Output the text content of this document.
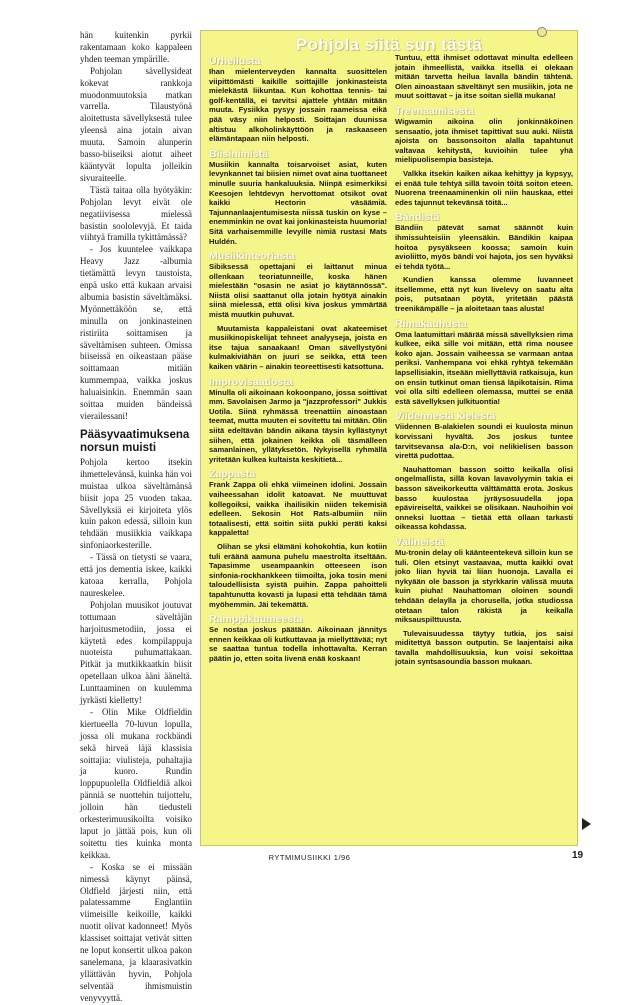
hän kuitenkin pyrkii rakentamaan koko kappaleen yhden teeman ympärille.

Pohjolan sävellysideat kokevat rankkoja muodonmuutoksia matkan varrella. Tilaustyönä aloitettusta sävellyksestä tulee yleensä aina jotain aivan muuta. Samoin alunperin basso-biiseiksi aiotut aiheet kääntyvät lopulta jolleikin sivuraiteelle.

Tästä taitaa olla hyötyäkin: Pohjolan levyt eivät ole negatiivisessa mielessä basistin soololevyjä. Et taida viihtyä framilla tykittämässä?

- Jos kuuntelee vaikkapa Heavy Jazz -albumia tietämättä levyn taustoista, enpä usko että kukaan arvaisi albumia basistin säveltämäksi. Myönnettäköön se, että minulla on jonkinasteinen ristiriita soittamisen ja säveltämisen suhteen. Omissa biiseissä en oikeastaan pääse soittamaan mitään kummempaa, vaikka joskus haluaisinkin. Enemmän saan soittaa muiden bändeissä vierailessani!

Pääsyvaatimuksena norsun muisti

Pohjola kertoo itsekin ihmettelevänsä, kuinka hän voi muistaa ulkoa säveltämänsä biisit jopa 25 vuoden takaa. Sävellyksiä ei kirjoiteta ylös kuin pakon edessä, silloin kun tehdään musiikkia vaikkapa sinfoniaorkesterille.

- Tässä on tietysti se vaara, että jos dementia iskee, kaikki katoaa kerralla, Pohjola naureskelee.

Pohjolan muusikot joutuvat tottumaan säveltäjän harjoitusmetodiin, jossa ei käytetä edes kompilappuja nuoteista puhumattakaan. Pitkät ja mutkikkaatkin biisit opetellaan ulkoa ääni ääneltä. Lunttaaminen on kuulemma jyrkästi kielletty!

- Olin Mike Oldfieldin kiertueella 70-luvun lopulla, jossa oli mukana rockbändi sekä hirveä läjä klassisia soittajia: viulisteja, puhaltajia ja kuoro. Rundin loppupuolella Oldfieldiä alkoi pänniä se nuottehin tuijottelu, jolloin hän tiedusteli orkesterimuusikoilta voisiko laput jo jättää pois, kun oli soitettu ties kuinka monta keikkaa.

- Koska se ei missään nimessä käynyt päinsä, Oldfield järjesti niin, että palatessamme Englantiin viimeisille keikoille, kaikki nuotit olivat kadonneet! Myös klassiset soittajat vetivät sitten ne loput konsertit ulkoa pakon sanelemana, ja klaarasivatkin yllättävän hyvin, Pohjola selventää ihmismuistin venyvyyttä.

Pohjola siitä sun tästä
Urheilusta

Ihan mielenterveyden kannalta suosittelen viipittömästi kaikille soittajille jonkinasteista mielekästä liikuntaa. Kun kohottaa tennis- tai golf-kentällä, ei tarvitsi ajattele yhtään mitään muuta. Fysiikka pysyy jossain raameissa eikä pää väsy niin helposti. Soittajan duunissa altistuu alkoholinkäyttöön ja raskaaseen elämäntapaan niin helposti.

Biisinimistä

Musiikin kannalta toisarvoiset asiat, kuten levynkannet tai biisien nimet ovat aina tuottaneet minulle suuria hankaluuksia. Niinpä esimerkiksi Keesojen lehtdevyn hervottomat otsikot ovat kaikki Hectorin väsäämiä. Tajunnanlaajentumisesta niissä tuskin on kyse – enemminkin ne ovat kai jonkinasteista huumoria! Sitä varhaisemmille levyille nimiä rustasi Mats Huldén.

Musiikinteoriasta

Sibiksessä opettajani ei laittanut minua ollenkaan teoriatunneille, koska hänen mielestään "osasin ne asiat jo käytännössä". Niistä olisi saattanut olla jotain hyötyä ainakin siinä mielessä, että olisi kiva joskus ymmärtää mistä muutkin puhuvat.

Muutamista kappaleistani ovat akateemiset musiikinopiskelijat tehneet analyyseja, joista en itse tajua sanaakaan! Oman sävellystyöni kulmakiviähän on juuri se seikka, että teen kaiken väärin – ainakin teoreettisesti katsottuna.

Improvisaatiosta

Minulla oli aikoinaan kokoonpano, jossa soittivat mm. Savolaisen Jarmo ja "jazzprofessori" Jukkis Uotila. Siinä ryhmässä treenattiin ainoastaan teemat, mutta muuten ei sovitettu tai mitään. Olin siitä edeltävän bändin aikana täysin kyllästynyt siihen, että jokainen keikka oli täsmälleen samanlainen, yllätyksetön. Nykyisellä ryhmällä yritetään kulkea kultaista keskitietä...

Zappasta

Frank Zappa oli ehkä viimeinen idolini. Jossain vaiheessahan idolit katoavat. Ne muuttuvat kollegoiksi, vaikka ihailisikin niiden tekemisiä edelleen. Sekosin Hot Rats-albumiin niin totaalisesti, että soitin siitä pukki peräti kaksi kappaletta!

Olihan se yksi elämäni kohokohtia, kun kotiin tuli eräänä aamuna puhelu maestrolta itseltään. Tapasimme useampaankin otteeseen ison sinfonia-rockhankkeen tiimoilta, joka tosin meni taloudellisista syistä puihin. Zappa pahoitteli tapahtunutta kovasti ja lupasi että tehdään tämä myöhemmin. Jäi tekemättä.

Ramppikuumeesta

Se nostaa joskus päätään. Aikoinaan jännitys ennen keikkaa oli kutkuttavaa ja miellyttävää; nyt se saattaa tuntua todella inhottavalta. Kerran päätin jo, etten soita livenä enää koskaan!

Tuntuu, että ihmiset odottavat minulta edelleen jotain ihmeellistä, vaikka itsellä ei olekaan mitään tarvetta heilua lavalla bändin tähtenä. Olen ainoastaan säveltänyt sen musiikin, jota ne muut soittavat – ja itse soitan siellä mukana!

Treenaamisesta

Wigwamin aikoina olin jonkinnäköinen sensaatio, jota ihmiset tapittivat suu auki. Niistä ajoista on bassonsoiton alalla tapahtunut valtavaa kehitystä, kuvioihin tulee yhä mielipuolisempia basisteja.

Valkka itsekin kaiken aikaa kehittyy ja kypsyy, ei enää tule tehtyä sillä tavoin töitä soiton eteen. Nuorena treenaaminenkin oli niin hauskaa, ettei edes tajunnut tekevänsä töitä...

Bändistä

Bändiin pätevät samat säännöt kuin ihmissuhteisiin yleensäkin. Bändikin kaipaa hoitoa pysyäkseen koossa; samoin kuin avioliitto, myös bändi voi hajota, jos sen hyväksi ei tehdä työtä...

Kundien kanssa olemme luvanneet itsellemme, että nyt kun livelevy on saatu alta pois, putsataan pöytä, yritetään päästä treenikämpälle – ja aloitetaan taas alusta!

Rimakauhusta

Oma laatumittari määrää missä sävellyksien rima kulkee, eikä sille voi mitään, että rima nousee koko ajan. Jossain vaiheessa se varmaan antaa periksi. Vanhempana voi ehkä ryhtyä tekemään lapsellisiakin, itseään miellyttäviä ratkaisuja, kun on ensin tutkinut oman tiensä läpikotaisin. Rima voi olla silti edelleen olemassa, muttei se enää estä sävellyksen julkituontia!

Viidennestä kielestä

Viidennen B-alakielen soundi ei kuulosta minun korvissani hyvältä. Jos joskus tuntee tarvitsevansa ala-D:n, voi nelikielisen basson virettä pudottaa.

Nauhattoman basson soitto keikalla olisi ongelmallista, sillä kovan lavavolyymin takia ei basson säveikorkeutta välttämättä erota. Joskus basso kuulostaa jyräysosuudella jopa epävireiseltä, vaikkei se olisikaan. Nauhoihin voi onneksi luottaa – tietää että ollaan tarkasti oikeassa kohdassa.

Välineistä

Mu-tronin delay oli käänteentekevä silloin kun se tuli. Olen etsinyt vastaavaa, mutta kaikki ovat joko liian hyviä tai liian huonoja. Lavalla ei nykyään ole basson ja styrkkarin välissä muuta kuin piuha! Nauhattoman oloinen soundi tehdään delaylla ja chorusella, jotka studiossa otetaan talon räkistä ja keikalla miksauspilttuusta.

Tulevaisuudessa täytyy tutkia, jos saisi miditettyä basson outputin. Se laajentaisi aika tavalla mahdollisuuksia, kun voisi sekoittaa jotain syntsasoundia basson mukaan.

RYTMIMUSIIKKI 1/96	19
